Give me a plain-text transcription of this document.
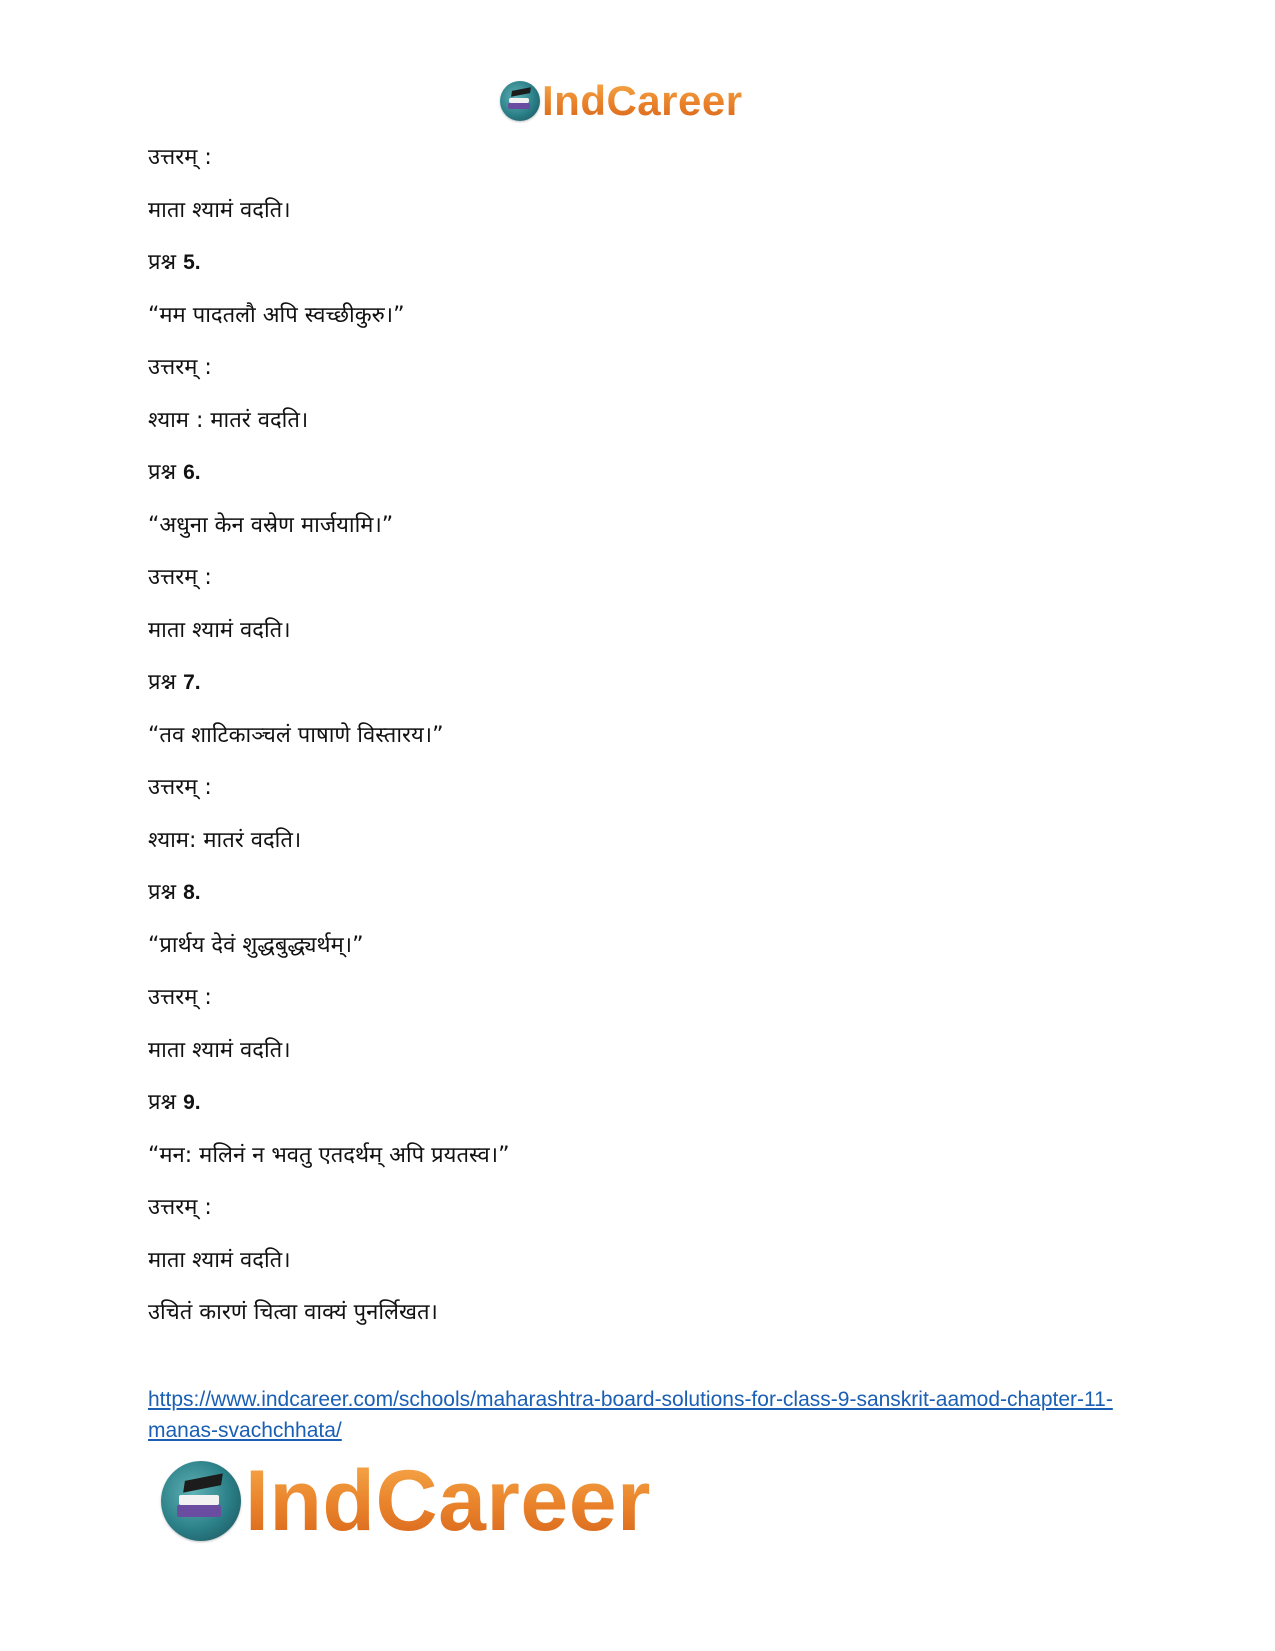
IndCareer
उत्तरम् :
माता श्यामं वदति।
प्रश्न 5.
“मम पादतलौ अपि स्वच्छीकुरु।”
उत्तरम् :
श्याम : मातरं वदति।
प्रश्न 6.
“अधुना केन वस्रेण मार्जयामि।”
उत्तरम् :
माता श्यामं वदति।
प्रश्न 7.
“तव शाटिकाञ्चलं पाषाणे विस्तारय।”
उत्तरम् :
श्याम: मातरं वदति।
प्रश्न 8.
“प्रार्थय देवं शुद्धबुद्ध्यर्थम्।”
उत्तरम् :
माता श्यामं वदति।
प्रश्न 9.
“मन: मलिनं न भवतु एतदर्थम् अपि प्रयतस्व।”
उत्तरम् :
माता श्यामं वदति।
उचितं कारणं चित्वा वाक्यं पुनर्लिखत।
https://www.indcareer.com/schools/maharashtra-board-solutions-for-class-9-sanskrit-aamod-chapter-11-manas-svachchhata/
IndCareer
